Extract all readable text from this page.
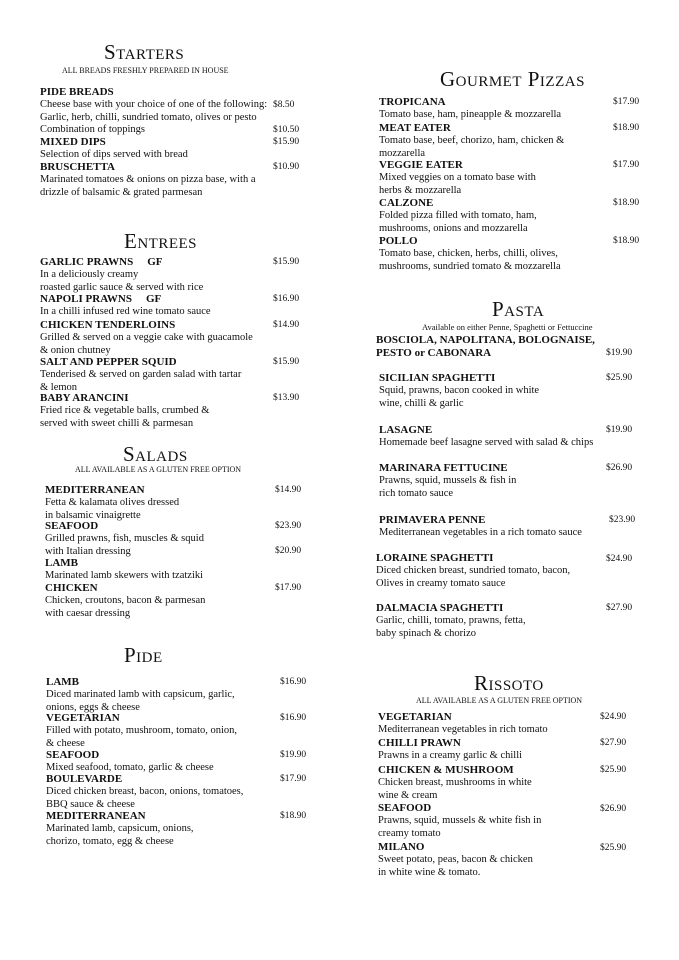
Starters
ALL BREADS FRESHLY PREPARED IN HOUSE
PIDE BREADS
Cheese base with your choice of one of the following:
Garlic, herb, chilli, sundried tomato, olives or pesto
Combination of toppings
$8.50
$10.50
MIXED DIPS
Selection of dips served with bread
$15.90
BRUSCHETTA
Marinated tomatoes & onions on pizza base, with a
drizzle of balsamic & grated parmesan
$10.90
Entrees
GARLIC PRAWNS GF
In a deliciously creamy
roasted garlic sauce & served with rice
$15.90
NAPOLI PRAWNS GF
In a chilli infused red wine tomato sauce
$16.90
CHICKEN TENDERLOINS
Grilled & served on a veggie cake with guacamole
& onion chutney
$14.90
SALT AND PEPPER SQUID
Tenderised & served on garden salad with tartar
& lemon
$15.90
BABY ARANCINI
Fried rice & vegetable balls, crumbed &
served with sweet chilli & parmesan
$13.90
Salads
ALL AVAILABLE AS A GLUTEN FREE OPTION
MEDITERRANEAN
Fetta & kalamata olives dressed
in balsamic vinaigrette
$14.90
SEAFOOD
Grilled prawns, fish, muscles & squid
with Italian dressing
$23.90
$20.90
LAMB
Marinated lamb skewers with tzatziki
CHICKEN
Chicken, croutons, bacon & parmesan
with caesar dressing
$17.90
Pide
LAMB
Diced marinated lamb with capsicum, garlic,
onions, eggs & cheese
$16.90
VEGETARIAN
Filled with potato, mushroom, tomato, onion,
& cheese
$16.90
SEAFOOD
Mixed seafood, tomato, garlic & cheese
$19.90
BOULEVARDE
Diced chicken breast, bacon, onions, tomatoes,
BBQ sauce & cheese
$17.90
MEDITERRANEAN
Marinated lamb, capsicum, onions,
chorizo, tomato, egg & cheese
$18.90
Gourmet Pizzas
TROPICANA
Tomato base, ham, pineapple & mozzarella
$17.90
MEAT EATER
Tomato base, beef, chorizo, ham, chicken &
mozzarella
$18.90
VEGGIE EATER
Mixed veggies on a tomato base with
herbs & mozzarella
$17.90
CALZONE
Folded pizza filled with tomato, ham,
mushrooms, onions and mozzarella
$18.90
POLLO
Tomato base, chicken, herbs, chilli, olives,
mushrooms, sundried tomato & mozzarella
$18.90
Pasta
Available on either Penne, Spaghetti or Fettuccine
BOSCIOLA, NAPOLITANA, BOLOGNAISE,
PESTO or CABONARA	$19.90
SICILIAN SPAGHETTI
Squid, prawns, bacon cooked in white
wine, chilli & garlic
$25.90
LASAGNE
Homemade beef lasagne served with salad & chips
$19.90
MARINARA FETTUCINE
Prawns, squid, mussels & fish in
rich tomato sauce
$26.90
PRIMAVERA PENNE
Mediterranean vegetables in a rich tomato sauce
$23.90
LORAINE SPAGHETTI
Diced chicken breast, sundried tomato, bacon,
Olives in creamy tomato sauce
$24.90
DALMACIA SPAGHETTI
Garlic, chilli, tomato, prawns, fetta,
baby spinach & chorizo
$27.90
Rissoto
ALL AVAILABLE AS A GLUTEN FREE OPTION
VEGETARIAN
Mediterranean vegetables in rich tomato
$24.90
CHILLI PRAWN
Prawns in a creamy garlic & chilli
$27.90
CHICKEN & MUSHROOM
Chicken breast, mushrooms in white
wine & cream
$25.90
SEAFOOD
Prawns, squid, mussels & white fish in
creamy tomato
$26.90
MILANO
Sweet potato, peas, bacon & chicken
in white wine & tomato.
$25.90
